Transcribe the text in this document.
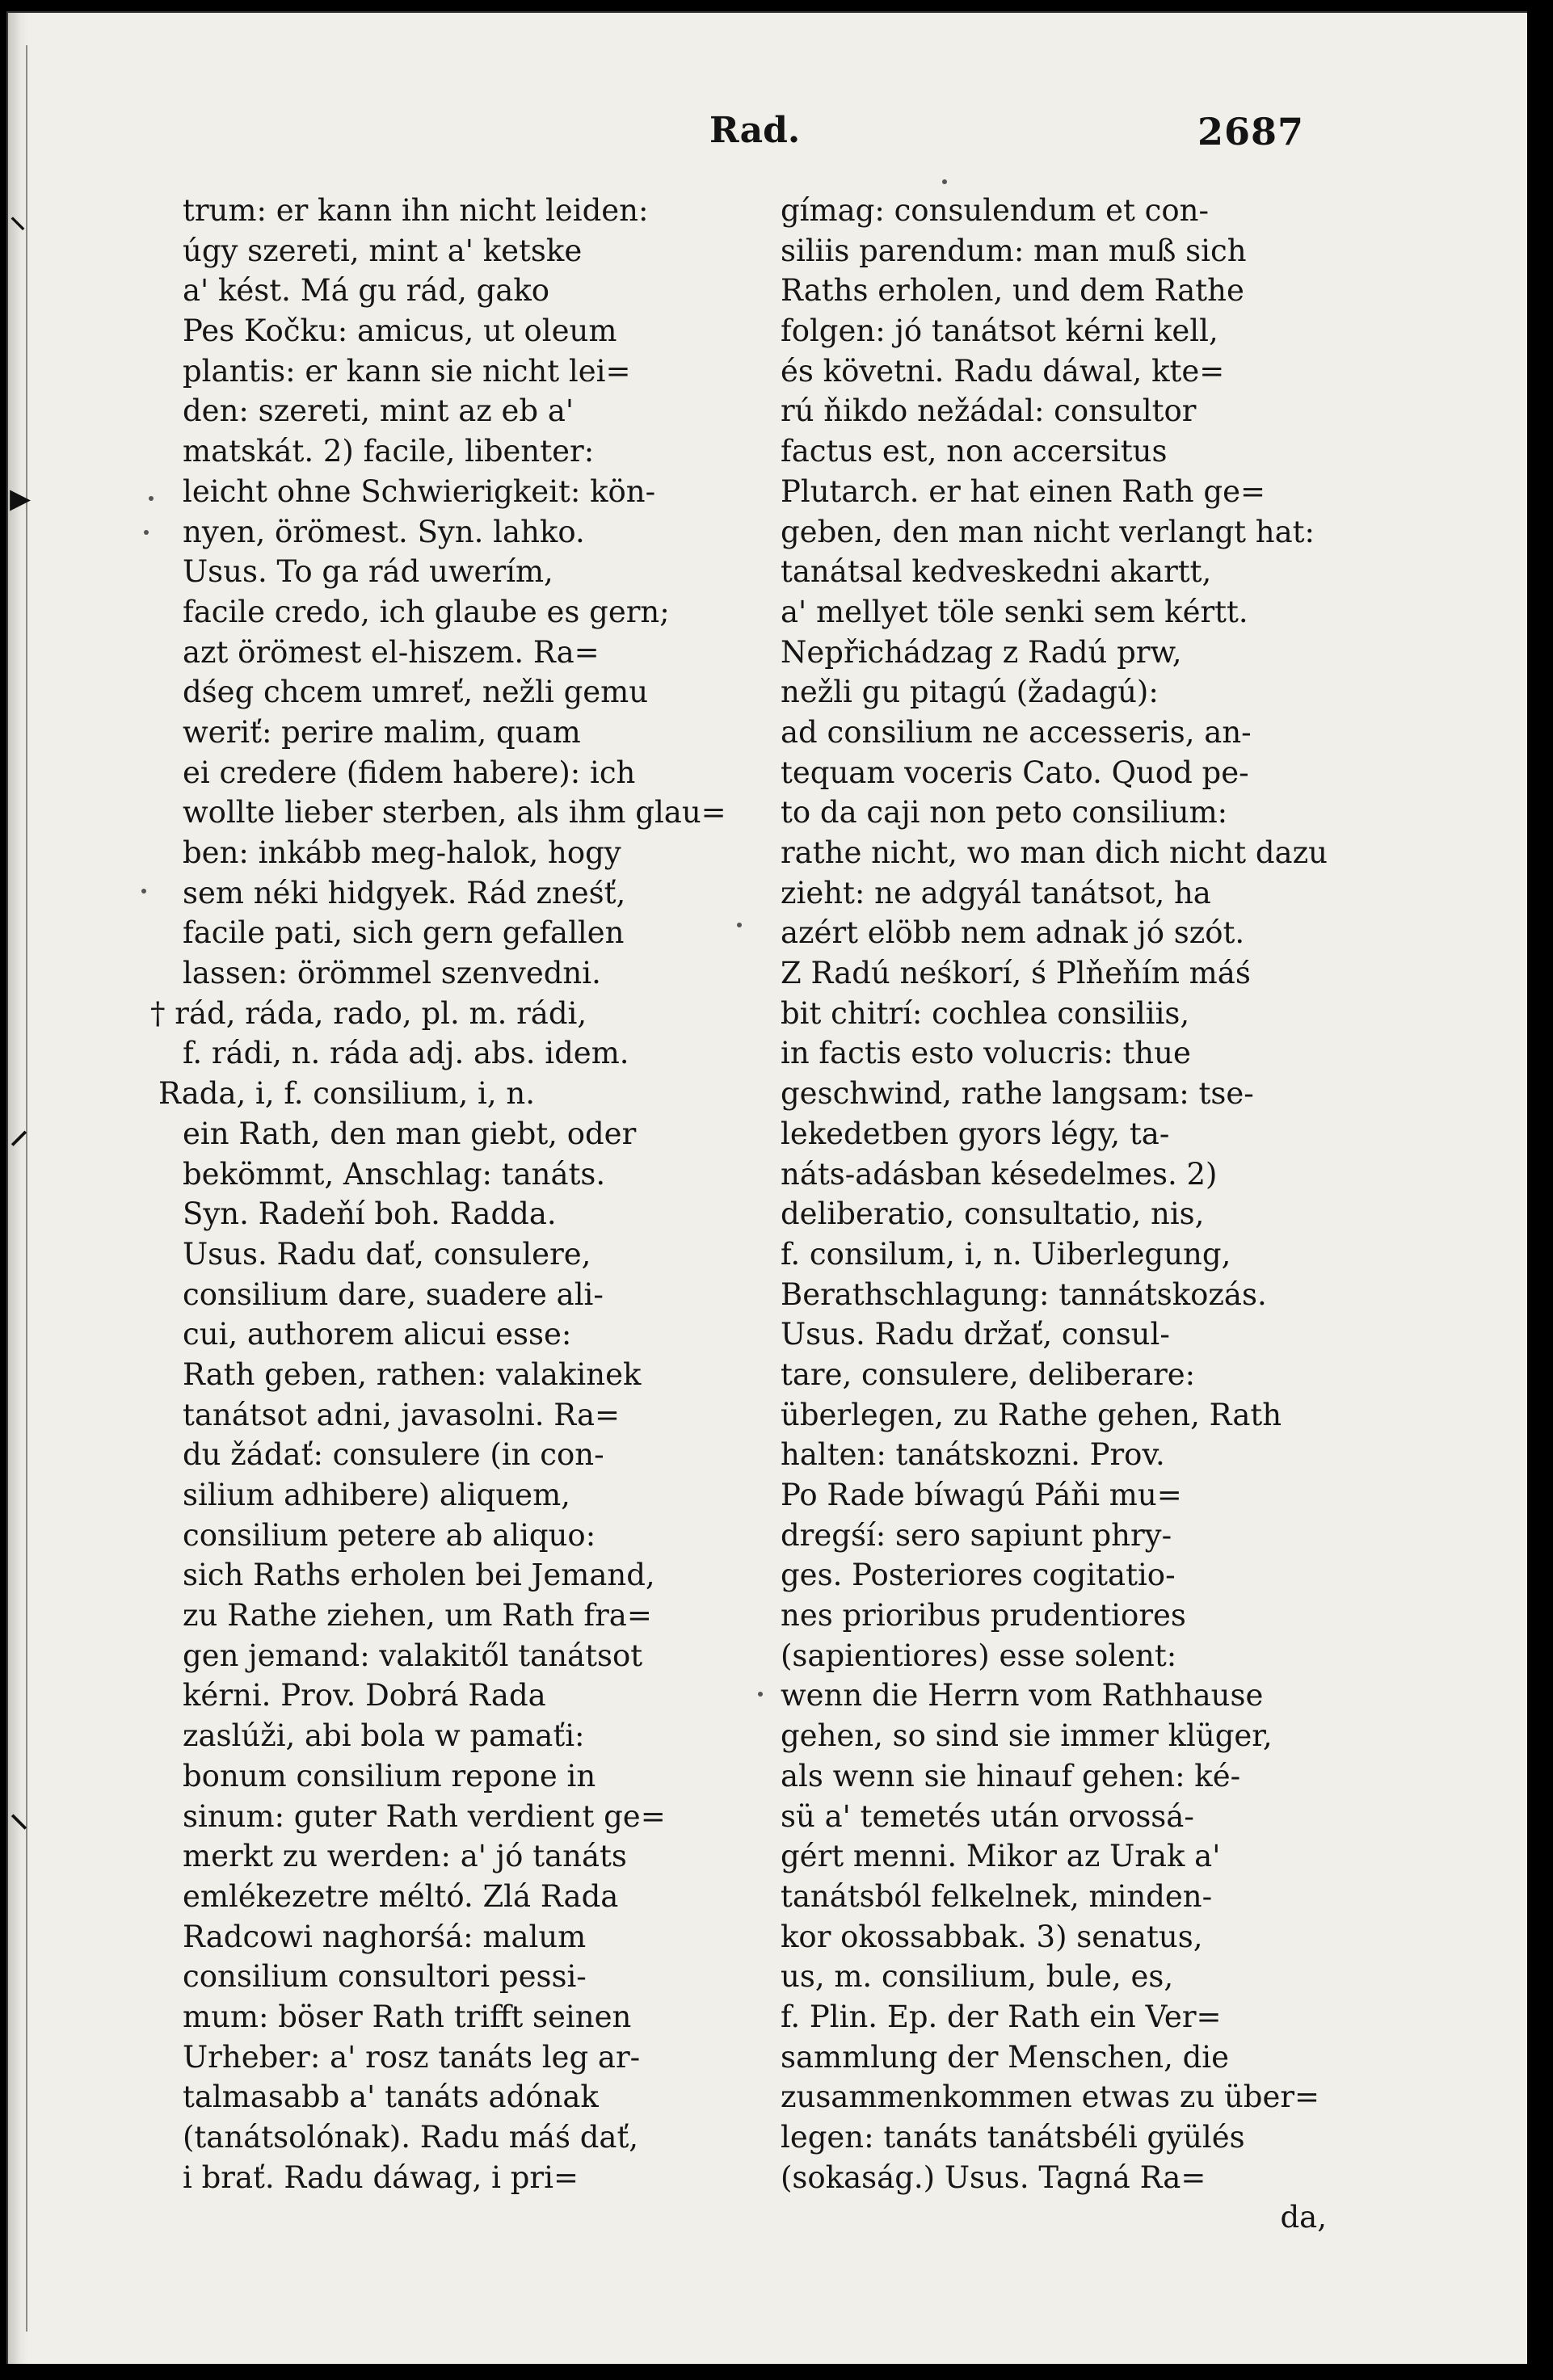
⸜
▸
⸝
⸜
Rad.	2687
trum: er kann ihn nicht leiden:
úgy szereti, mint a' ketske
a' kést. Má gu rád, gako
Pes Kočku: amicus, ut oleum
plantis: er kann sie nicht lei=
den: szereti, mint az eb a'
matskát. 2) facile, libenter:
leicht ohne Schwierigkeit: kön-
nyen, örömest. Syn. lahko.
Usus. To ga rád uwerím,
facile credo, ich glaube es gern;
azt örömest el-hiszem. Ra=
dśeg chcem umreť, nežli gemu
weriť: perire malim, quam
ei credere (fidem habere): ich
wollte lieber sterben, als ihm glau=
ben: inkább meg-halok, hogy
sem néki hidgyek. Rád zneśť,
facile pati, sich gern gefallen
lassen: örömmel szenvedni.
† rád, ráda, rado, pl. m. rádi,
f. rádi, n. ráda adj. abs. idem.
Rada, i, f. consilium, i, n.
ein Rath, den man giebt, oder
bekömmt, Anschlag: tanáts.
Syn. Radeňí boh. Radda.
Usus. Radu dať, consulere,
consilium dare, suadere ali-
cui, authorem alicui esse:
Rath geben, rathen: valakinek
tanátsot adni, javasolni. Ra=
du žádať: consulere (in con-
silium adhibere) aliquem,
consilium petere ab aliquo:
sich Raths erholen bei Jemand,
zu Rathe ziehen, um Rath fra=
gen jemand: valakitől tanátsot
kérni. Prov. Dobrá Rada
zaslúži, abi bola w pamaťi:
bonum consilium repone in
sinum: guter Rath verdient ge=
merkt zu werden: a' jó tanáts
emlékezetre méltó. Zlá Rada
Radcowi naghorśá: malum
consilium consultori pessi-
mum: böser Rath trifft seinen
Urheber: a' rosz tanáts leg ar-
talmasabb a' tanáts adónak
(tanátsolónak). Radu máś dať,
i brať. Radu dáwag, i pri=
gímag: consulendum et con-
siliis parendum: man muß sich
Raths erholen, und dem Rathe
folgen: jó tanátsot kérni kell,
és követni. Radu dáwal, kte=
rú ňikdo nežádal: consultor
factus est, non accersitus
Plutarch. er hat einen Rath ge=
geben, den man nicht verlangt hat:
tanátsal kedveskedni akartt,
a' mellyet töle senki sem kértt.
Nepřichádzag z Radú prw,
nežli gu pitagú (žadagú):
ad consilium ne accesseris, an-
tequam voceris Cato. Quod pe-
to da caji non peto consilium:
rathe nicht, wo man dich nicht dazu
zieht: ne adgyál tanátsot, ha
azért elöbb nem adnak jó szót.
Z Radú neśkorí, ś Plňeňím máś
bit chitrí: cochlea consiliis,
in factis esto volucris: thue
geschwind, rathe langsam: tse-
lekedetben gyors légy, ta-
náts-adásban késedelmes. 2)
deliberatio, consultatio, nis,
f. consilum, i, n. Uiberlegung,
Berathschlagung: tannátskozás.
Usus. Radu držať, consul-
tare, consulere, deliberare:
überlegen, zu Rathe gehen, Rath
halten: tanátskozni. Prov.
Po Rade bíwagú Páňi mu=
dregśí: sero sapiunt phry-
ges. Posteriores cogitatio-
nes prioribus prudentiores
(sapientiores) esse solent:
wenn die Herrn vom Rathhause
gehen, so sind sie immer klüger,
als wenn sie hinauf gehen: ké-
sü a' temetés után orvossá-
gért menni. Mikor az Urak a'
tanátsból felkelnek, minden-
kor okossabbak. 3) senatus,
us, m. consilium, bule, es,
f. Plin. Ep. der Rath ein Ver=
sammlung der Menschen, die
zusammenkommen etwas zu über=
legen: tanáts tanátsbéli gyülés
(sokaság.) Usus. Tagná Ra=
da,
